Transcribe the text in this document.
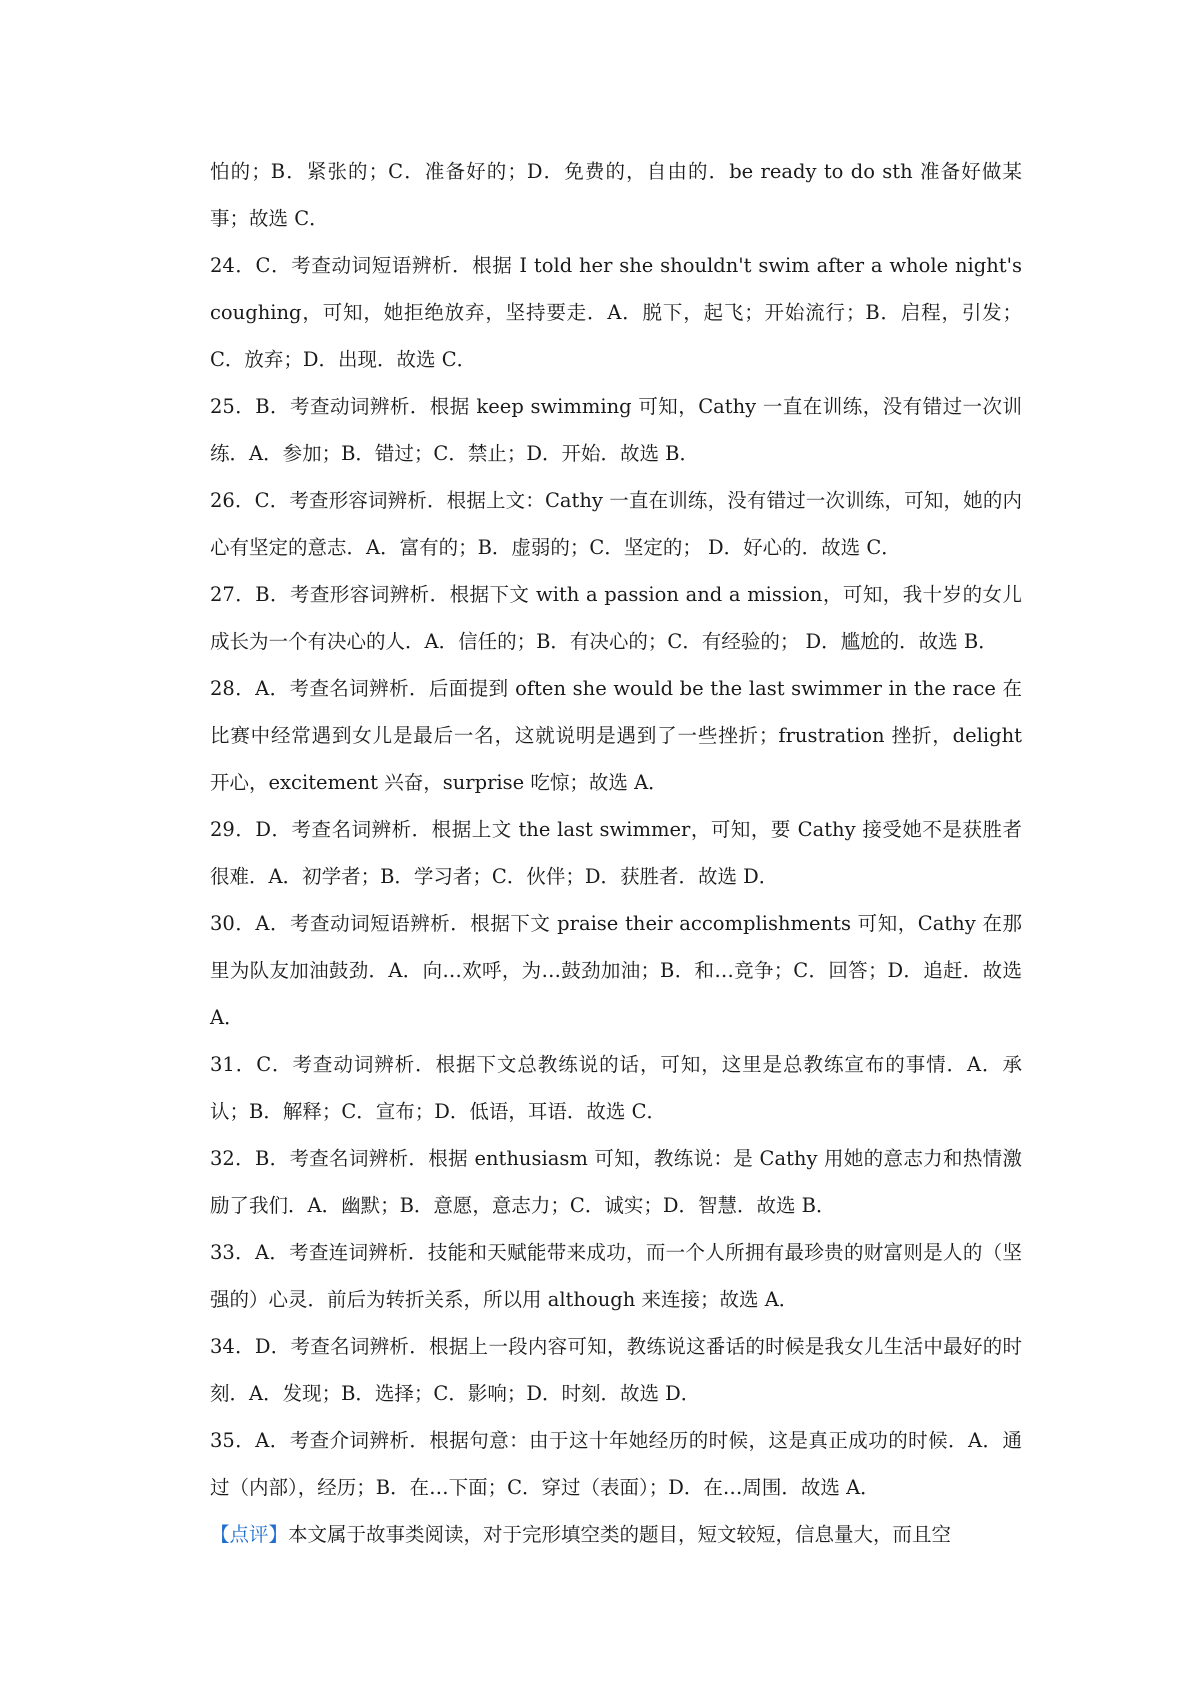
怕的；B．紧张的；C．准备好的；D．免费的，自由的．be ready to do sth 准备好做某事；故选 C．

24．C．考查动词短语辨析．根据 I told her she shouldn't swim after a whole night's coughing，可知，她拒绝放弃，坚持要走．A．脱下，起飞；开始流行；B．启程，引发；C．放弃；D．出现．故选 C．

25．B．考查动词辨析．根据 keep swimming 可知，Cathy 一直在训练，没有错过一次训练．A．参加；B．错过；C．禁止；D．开始．故选 B．

26．C．考查形容词辨析．根据上文：Cathy 一直在训练，没有错过一次训练，可知，她的内心有坚定的意志．A．富有的；B．虚弱的；C．坚定的； D．好心的．故选 C．

27．B．考查形容词辨析．根据下文 with a passion and a mission，可知，我十岁的女儿成长为一个有决心的人．A．信任的；B．有决心的；C．有经验的； D．尴尬的．故选 B．

28．A．考查名词辨析．后面提到 often she would be the last swimmer in the race 在比赛中经常遇到女儿是最后一名，这就说明是遇到了一些挫折；frustration 挫折，delight 开心，excitement 兴奋，surprise 吃惊；故选 A．

29．D．考查名词辨析．根据上文 the last swimmer，可知，要 Cathy 接受她不是获胜者很难．A．初学者；B．学习者；C．伙伴；D．获胜者．故选 D．

30．A．考查动词短语辨析．根据下文 praise their accomplishments 可知，Cathy 在那里为队友加油鼓劲．A．向…欢呼，为…鼓劲加油；B．和…竞争；C．回答；D．追赶．故选 A．

31．C．考查动词辨析．根据下文总教练说的话，可知，这里是总教练宣布的事情．A．承认；B．解释；C．宣布；D．低语，耳语．故选 C．

32．B．考查名词辨析．根据 enthusiasm 可知，教练说：是 Cathy 用她的意志力和热情激励了我们．A．幽默；B．意愿，意志力；C．诚实；D．智慧．故选 B．

33．A．考查连词辨析．技能和天赋能带来成功，而一个人所拥有最珍贵的财富则是人的（坚强的）心灵．前后为转折关系，所以用 although 来连接；故选 A．

34．D．考查名词辨析．根据上一段内容可知，教练说这番话的时候是我女儿生活中最好的时刻．A．发现；B．选择；C．影响；D．时刻．故选 D．

35．A．考查介词辨析．根据句意：由于这十年她经历的时候，这是真正成功的时候．A．通过（内部），经历；B．在…下面；C．穿过（表面）；D．在…周围．故选 A．

【点评】本文属于故事类阅读，对于完形填空类的题目，短文较短，信息量大，而且空
